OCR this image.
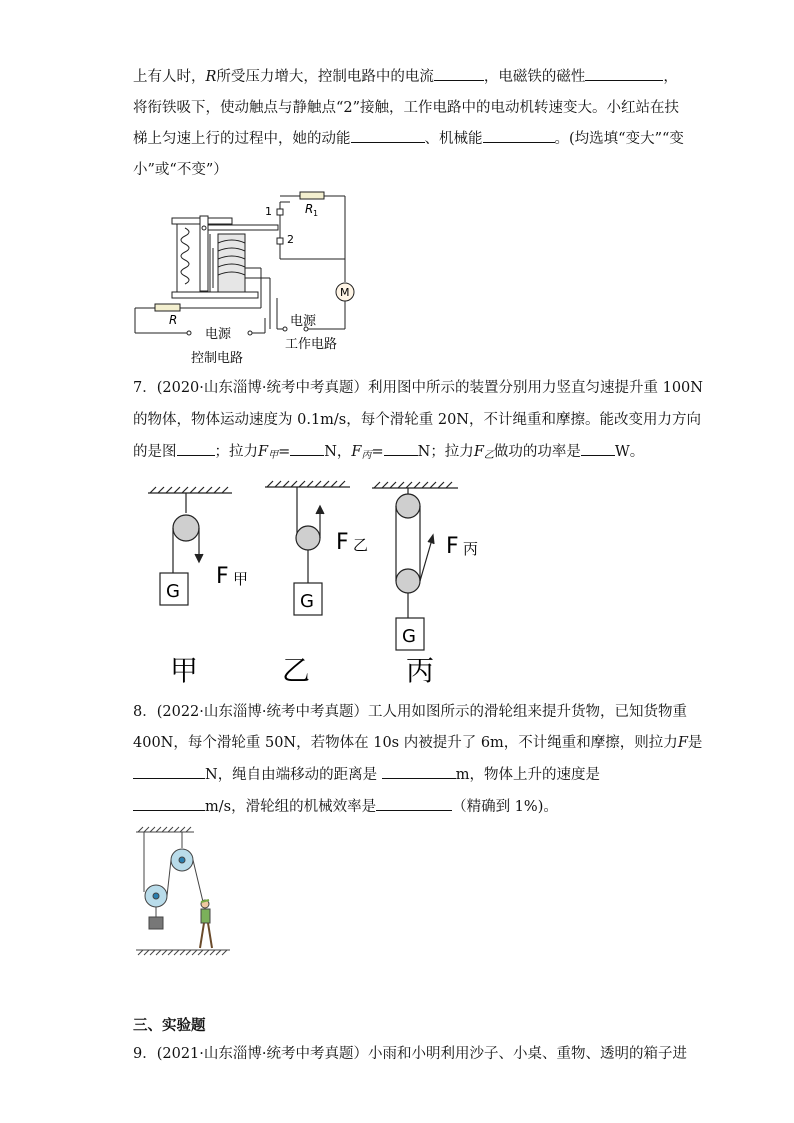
上有人时，R所受压力增大，控制电路中的电流	，电磁铁的磁性	，
将衔铁吸下，使动触点与静触点“2”接触，工作电路中的电动机转速变大。小红站在扶
梯上匀速上行的过程中，她的动能	、机械能	。(均选填“变大”“变
小”或“不变”）
1
2
R 1
M
R
电源
控制电路
电源
工作电路
7．(2020·山东淄博·统考中考真题）利用图中所示的装置分别用力竖直匀速提升重 100N
的物体，物体运动速度为 0.1m/s，每个滑轮重 20N，不计绳重和摩擦。能改变用力方向
的是图	；拉力$F_甲= N$，$F_丙= N$；拉力$F_乙$做功的功率是 W。
G	G
G
F 甲
F 乙	F 丙
甲	乙	丙
8．(2022·山东淄博·统考中考真题）工人用如图所示的滑轮组来提升货物，已知货物重
400N，每个滑轮重 50N，若物体在 10s 内被提升了 6m，不计绳重和摩擦，则拉力F是
N，绳自由端移动的距离是	m，物体上升的速度是
m/s，滑轮组的机械效率是	（精确到 1%)。
三、实验题
9．(2021·山东淄博·统考中考真题）小雨和小明利用沙子、小桌、重物、透明的箱子进
